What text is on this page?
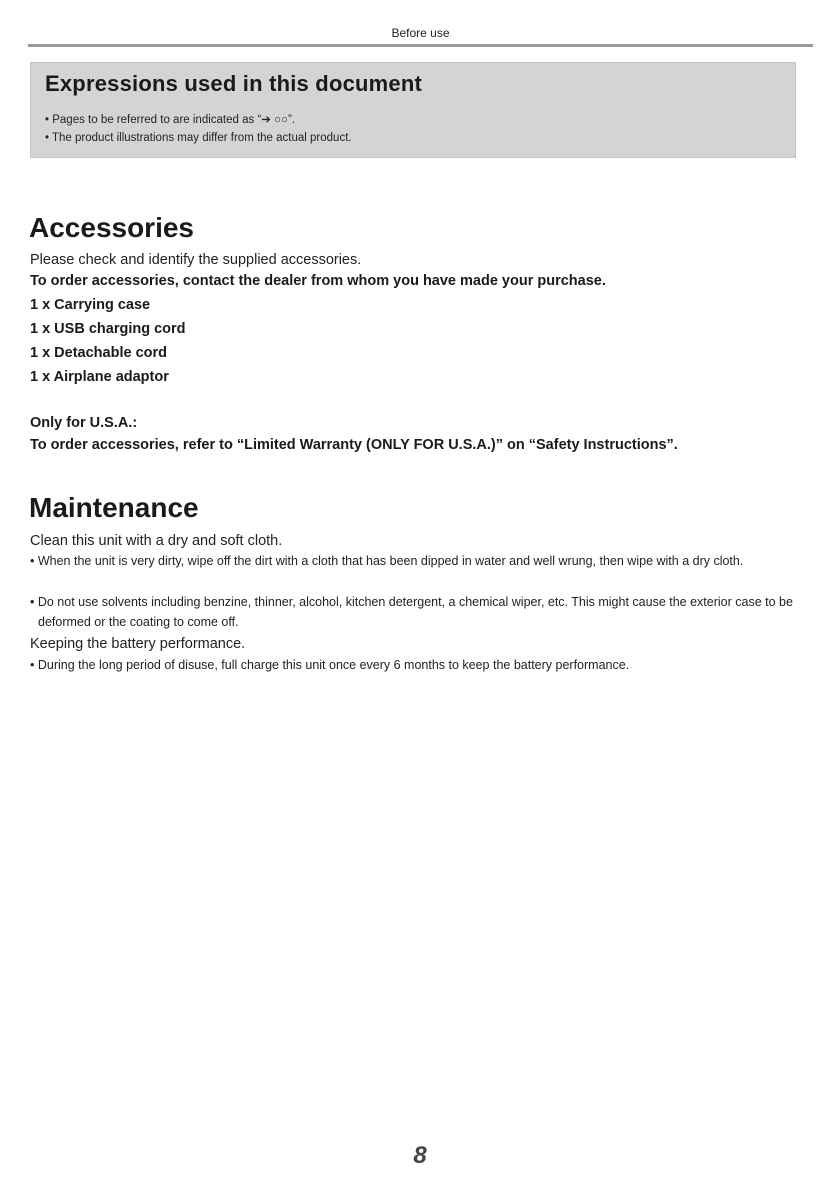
Before use
Expressions used in this document
• Pages to be referred to are indicated as “➔ ○○”.
• The product illustrations may differ from the actual product.
Accessories
Please check and identify the supplied accessories.
To order accessories, contact the dealer from whom you have made your purchase.
1 x Carrying case
1 x USB charging cord
1 x Detachable cord
1 x Airplane adaptor
Only for U.S.A.:
To order accessories, refer to “Limited Warranty (ONLY FOR U.S.A.)” on “Safety Instructions”.
Maintenance
Clean this unit with a dry and soft cloth.
• When the unit is very dirty, wipe off the dirt with a cloth that has been dipped in water and well wrung, then wipe with a dry cloth.
• Do not use solvents including benzine, thinner, alcohol, kitchen detergent, a chemical wiper, etc. This might cause the exterior case to be deformed or the coating to come off.
Keeping the battery performance.
• During the long period of disuse, full charge this unit once every 6 months to keep the battery performance.
8
